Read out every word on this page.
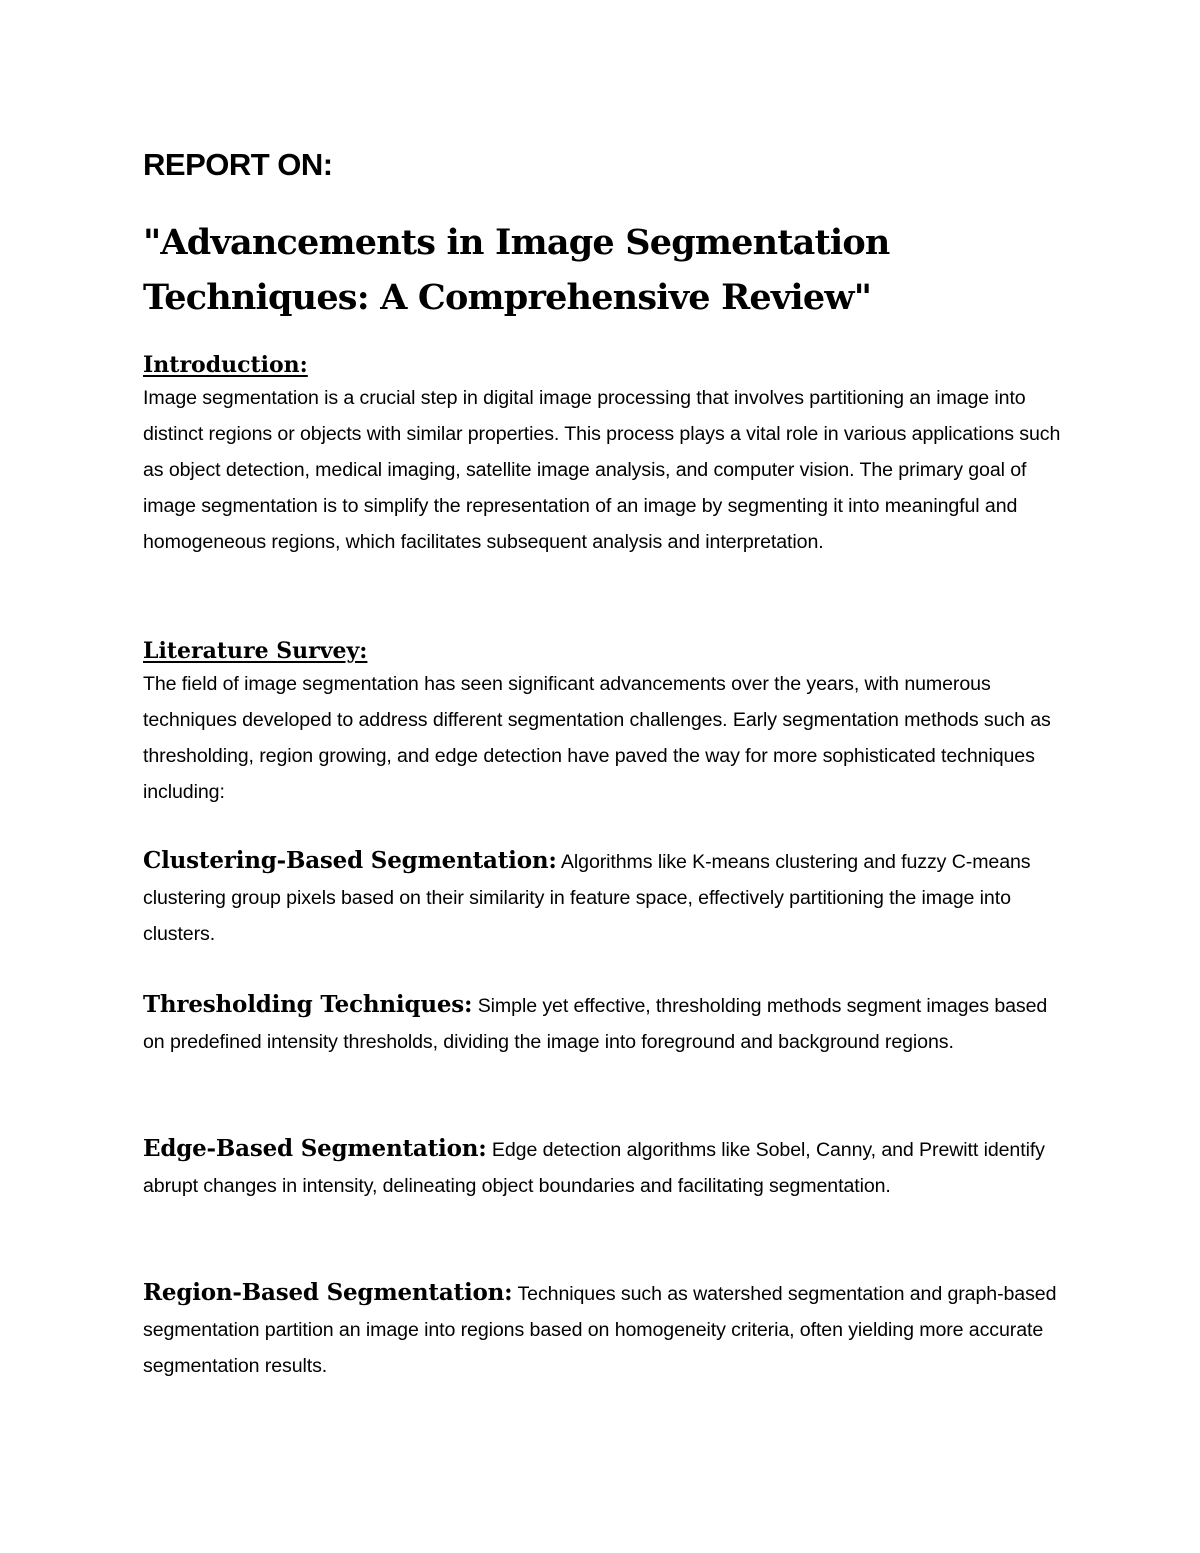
REPORT ON:
"Advancements in Image Segmentation Techniques: A Comprehensive Review"
Introduction:

Image segmentation is a crucial step in digital image processing that involves partitioning an image into distinct regions or objects with similar properties. This process plays a vital role in various applications such as object detection, medical imaging, satellite image analysis, and computer vision. The primary goal of image segmentation is to simplify the representation of an image by segmenting it into meaningful and homogeneous regions, which facilitates subsequent analysis and interpretation.

Literature Survey:

The field of image segmentation has seen significant advancements over the years, with numerous techniques developed to address different segmentation challenges. Early segmentation methods such as thresholding, region growing, and edge detection have paved the way for more sophisticated techniques including:

Clustering-Based Segmentation: Algorithms like K-means clustering and fuzzy C-means clustering group pixels based on their similarity in feature space, effectively partitioning the image into clusters.

Thresholding Techniques: Simple yet effective, thresholding methods segment images based on predefined intensity thresholds, dividing the image into foreground and background regions.

Edge-Based Segmentation: Edge detection algorithms like Sobel, Canny, and Prewitt identify abrupt changes in intensity, delineating object boundaries and facilitating segmentation.

Region-Based Segmentation: Techniques such as watershed segmentation and graph-based segmentation partition an image into regions based on homogeneity criteria, often yielding more accurate segmentation results.
